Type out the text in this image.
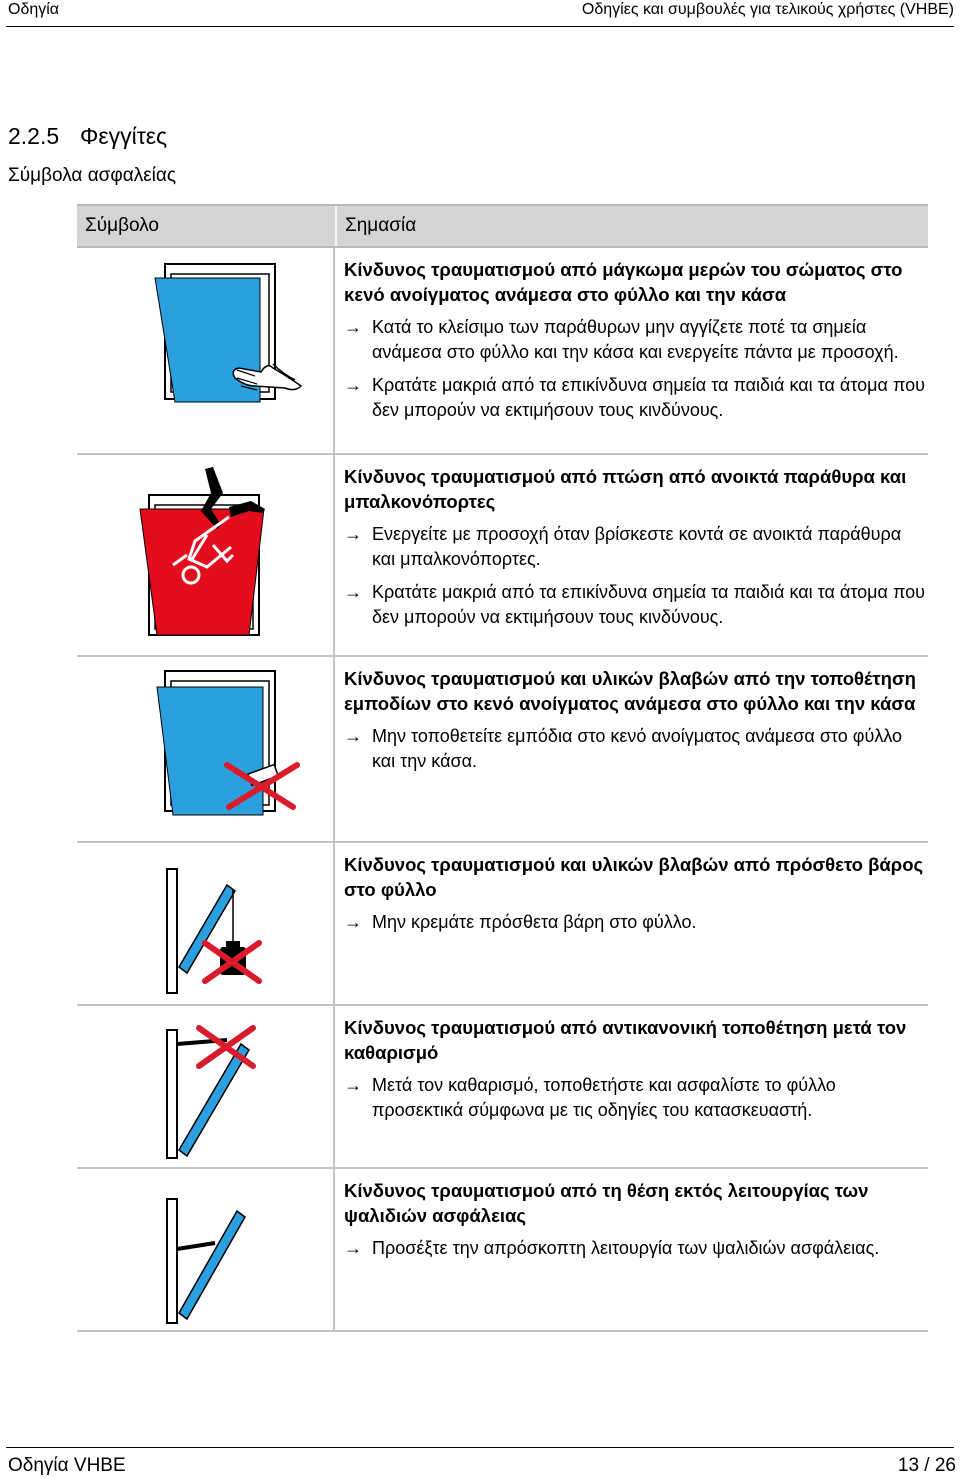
Οδηγία	Οδηγίες και συμβουλές για τελικούς χρήστες (VHBE)
2.2.5 Φεγγίτες
Σύμβολα ασφαλείας
Σύμβολο	Σημασία

Κίνδυνος τραυματισμού από μάγκωμα μερών του σώματος στο κενό ανοίγματος ανάμεσα στο φύλλο και την κάσα

→ Κατά το κλείσιμο των παράθυρων μην αγγίζετε ποτέ τα σημεία ανάμεσα στο φύλλο και την κάσα και ενεργείτε πάντα με προσοχή.

→ Κρατάτε μακριά από τα επικίνδυνα σημεία τα παιδιά και τα άτομα που δεν μπορούν να εκτιμήσουν τους κινδύνους.

Κίνδυνος τραυματισμού από πτώση από ανοικτά παράθυρα και μπαλκονόπορτες

→ Ενεργείτε με προσοχή όταν βρίσκεστε κοντά σε ανοικτά παράθυρα και μπαλκονόπορτες.

→ Κρατάτε μακριά από τα επικίνδυνα σημεία τα παιδιά και τα άτομα που δεν μπορούν να εκτιμήσουν τους κινδύνους.

Κίνδυνος τραυματισμού και υλικών βλαβών από την τοποθέτηση εμποδίων στο κενό ανοίγματος ανάμεσα στο φύλλο και την κάσα

→ Μην τοποθετείτε εμπόδια στο κενό ανοίγματος ανάμεσα στο φύλλο και την κάσα.

Κίνδυνος τραυματισμού και υλικών βλαβών από πρόσθετο βάρος στο φύλλο

→ Μην κρεμάτε πρόσθετα βάρη στο φύλλο.

Κίνδυνος τραυματισμού από αντικανονική τοποθέτηση μετά τον καθαρισμό

→ Μετά τον καθαρισμό, τοποθετήστε και ασφαλίστε το φύλλο προσεκτικά σύμφωνα με τις οδηγίες του κατασκευαστή.

Κίνδυνος τραυματισμού από τη θέση εκτός λειτουργίας των ψαλιδιών ασφάλειας

→ Προσέξτε την απρόσκοπτη λειτουργία των ψαλιδιών ασφάλειας.

Οδηγία VHBE	13 / 26
